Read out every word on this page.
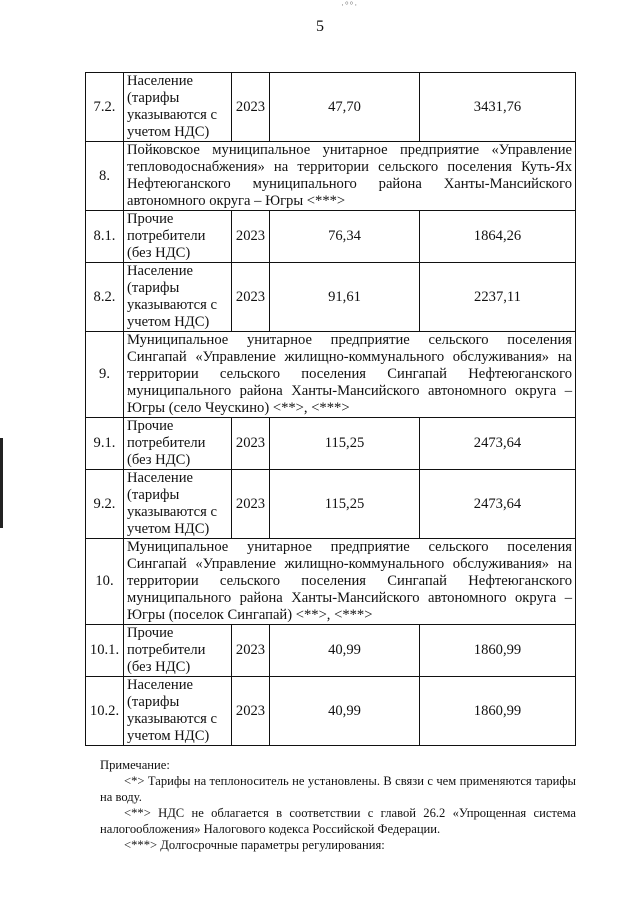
·°°·
5
7.2.	Население (тарифы указываются с учетом НДС)	2023	47,70	3431,76
8.	Пойковское муниципальное унитарное предприятие «Управление тепловодоснабжения» на территории сельского поселения Куть-Ях Нефтеюганского муниципального района Ханты-Мансийского автономного округа – Югры <***>			
8.1.	Прочие потребители (без НДС)	2023	76,34	1864,26
8.2.	Население (тарифы указываются с учетом НДС)	2023	91,61	2237,11
9.	Муниципальное унитарное предприятие сельского поселения Сингапай «Управление жилищно-коммунального обслуживания» на территории сельского поселения Сингапай Нефтеюганского муниципального района Ханты-Мансийского автономного округа – Югры (село Чеускино) <**>, <***>			
9.1.	Прочие потребители (без НДС)	2023	115,25	2473,64
9.2.	Население (тарифы указываются с учетом НДС)	2023	115,25	2473,64
10.	Муниципальное унитарное предприятие сельского поселения Сингапай «Управление жилищно-коммунального обслуживания» на территории сельского поселения Сингапай Нефтеюганского муниципального района Ханты-Мансийского автономного округа – Югры (поселок Сингапай) <**>, <***>			
10.1.	Прочие потребители (без НДС)	2023	40,99	1860,99
10.2.	Население (тарифы указываются с учетом НДС)	2023	40,99	1860,99

Примечание:

<*> Тарифы на теплоноситель не установлены. В связи с чем применяются тарифы на воду.

<**> НДС не облагается в соответствии с главой 26.2 «Упрощенная система налогообложения» Налогового кодекса Российской Федерации.

<***> Долгосрочные параметры регулирования:
